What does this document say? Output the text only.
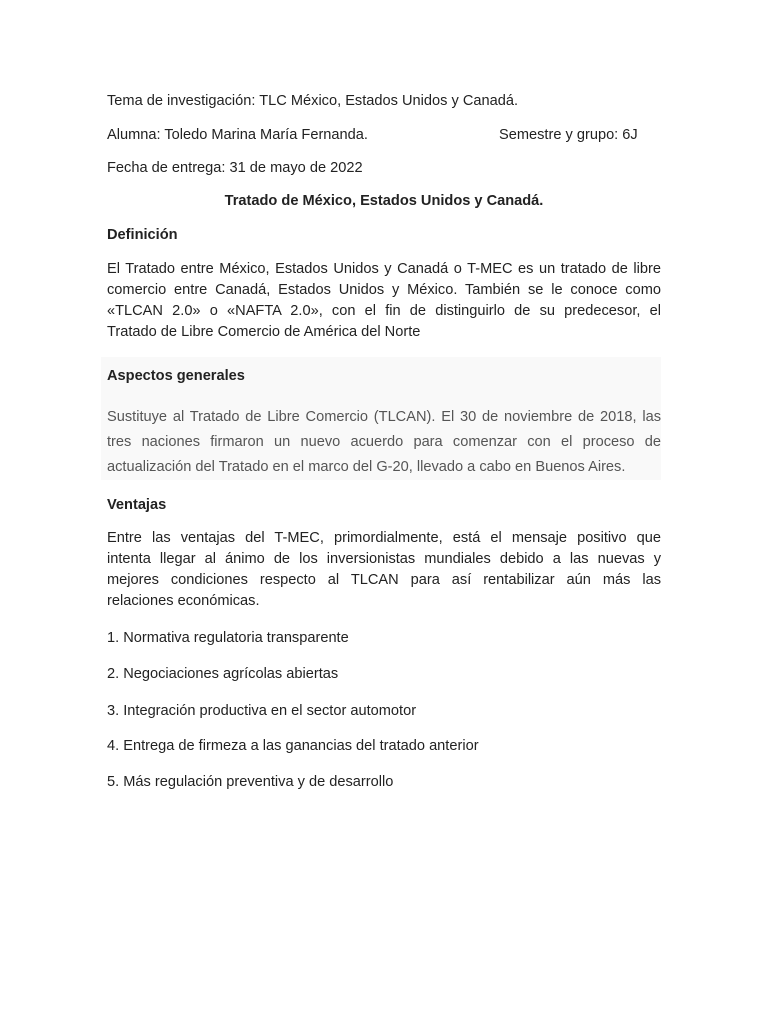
Tema de investigación: TLC México, Estados Unidos y Canadá.
Alumna: Toledo Marina María Fernanda.	Semestre y grupo: 6J
Fecha de entrega: 31 de mayo de 2022
Tratado de México, Estados Unidos y Canadá.
Definición
El Tratado entre México, Estados Unidos y Canadá o T-MEC es un tratado de libre
comercio entre Canadá, Estados Unidos y México. También se le conoce como
«TLCAN 2.0» o «NAFTA 2.0», con el fin de distinguirlo de su predecesor, el
Tratado de Libre Comercio de América del Norte
Aspectos generales
Sustituye al Tratado de Libre Comercio (TLCAN). El 30 de noviembre de 2018, las
tres naciones firmaron un nuevo acuerdo para comenzar con el proceso de
actualización del Tratado en el marco del G-20, llevado a cabo en Buenos Aires.
Ventajas
Entre las ventajas del T-MEC, primordialmente, está el mensaje positivo que
intenta llegar al ánimo de los inversionistas mundiales debido a las nuevas y
mejores condiciones respecto al TLCAN para así rentabilizar aún más las
relaciones económicas.
1. Normativa regulatoria transparente
2. Negociaciones agrícolas abiertas
3. Integración productiva en el sector automotor
4. Entrega de firmeza a las ganancias del tratado anterior
5. Más regulación preventiva y de desarrollo
